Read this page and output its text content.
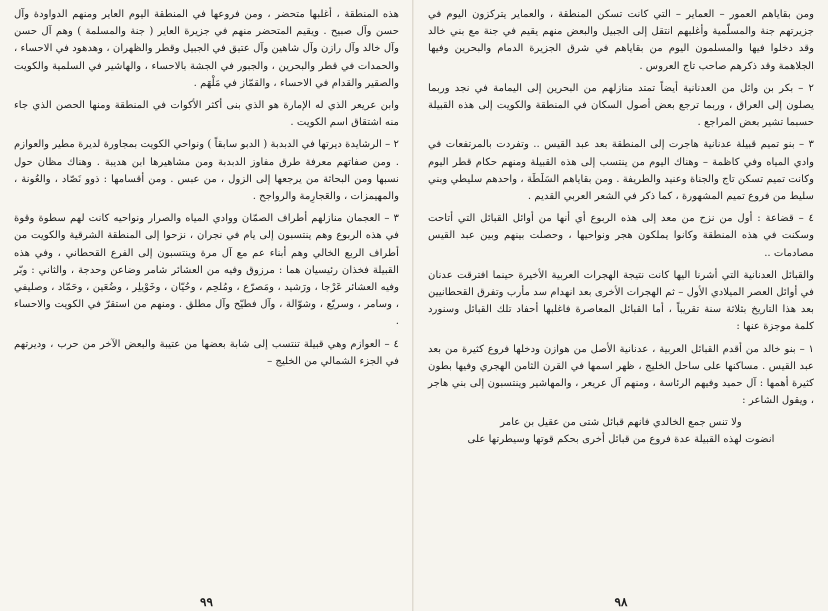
هذه المنطقة ، أغلبها متحضر ، ومن فروعها في المنطقة اليوم العاير ومنهم الدواودة وآل حسن وآل صبيح . ويقيم المتحضر منهم في جزيرة العاير ( جنة والمسلمة ) وهم آل حسن وآل خالد وآل رازن وآل شاهين وآل عتيق في الجبيل وقطر والظهران ، وهدهود في الاحساء ، والحمدات في قطر والبحرين ، والجبور في الجشة بالاحساء ، والهاشير في السلمية والكويت والصقير والقدام في الاحساء ، والقمّاز في مَلْهَم .

وابن عريعر الذي له الإمارة هو الذي بنى أكثر الأكوات في المنطقة ومنها الحصن الذي جاء منه اشتقاق اسم الكويت .

٢ – الرشايدة ديرتها في الدبدبة ( الدبو سابقاً ) ونواحي الكويت بمجاورة لديرة مطير والعوازم . ومن صفاتهم معرفة طرق مفاوز الدبدبة ومن مشاهيرها ابن هديبة . وهناك مظان حول نسبها ومن البحاثة من يرجعها إلى الزول ، من عبس . ومن أقسامها : ذوو نَصّاد ، والعُونة ، والمهيمزات ، والعَجارِمة والرواجح .

٣ – العجمان منازلهم أطراف الصمّان ووادي المياه والصرار ونواحيه كانت لهم سطوة وقوة في هذه الربوع وهم ينتسبون إلى يام في نجران ، نزحوا إلى المنطقة الشرقية والكويت من أطراف الربع الخالي وهم أبناء عم مع آل مرة وينتسبون إلى الفرع القحطاني ، وفي هذه القبيلة فخذان رئيسيان هما : مرزوق وفيه من العشائر شامر وضاعن وحدجة ، والثاني : وبّر وفيه العشائر عَرْجا ، ورَشيد ، ومَصرّع ، ومُلحِم ، وحُيّان ، وخَوْيلِر ، وضُعَين ، وحَمّاد ، وصليفي ، وسامر ، وسريّع ، وشوّالة ، وآل فطيّح وآل مطلق . ومنهم من استقرّ في الكويت والاحساء .

٤ – العوازم وهي قبيلة تنتسب إلى شابة بعضها من عتيبة والبعض الآخر من حرب ، وديرتهم في الجزء الشمالي من الخليج –

٩٩

ومن بقاياهم العمور – العماير – التي كانت تسكن المنطقة ، والعماير يتركزون اليوم في جزيرتهم جنة والمسلّمية وأغلبهم انتقل إلى الجبيل والبعض منهم يقيم في جنة مع بني خالد وقد دخلوا فيها والمسلمون اليوم من بقاياهم في شرق الجزيرة الدمام والبحرين وفيها الجلاهمة وقد ذكرهم صاحب تاج العروس .

٢ – بكر بن وائل من العدنانية أيضاً تمتد منازلهم من البحرين إلى اليمامة في نجد وربما يصلون إلى العراق ، وربما ترجع بعض أصول السكان في المنطقة والكويت إلى هذه القبيلة حسبما تشير بعض المراجع .

٣ – بنو تميم قبيلة عدنانية هاجرت إلى المنطقة بعد عبد القيس .. وتفردت بالمرتفعات في وادي المياه وفي كاظمة – وهناك اليوم من ينتسب إلى هذه القبيلة ومنهم حكام قطر اليوم وكانت تميم تسكن تاج والجناة وعنيد والطريفة . ومن بقاياهم السَلَطَة ، واحدهم سليطي وبني سليط من فروع تميم المشهورة ، كما ذكر في الشعر العربي القديم .

٤ – قضاعة : أول من نزح من معد إلى هذه الربوع أي أنها من أوائل القبائل التي أتاحت وسكنت في هذه المنطقة وكانوا يملكون هجر ونواحيها ، وحصلت بينهم وبين عبد القيس مصادمات ..

والقبائل العدنانية التي أشرنا اليها كانت نتيجة الهجرات العربية الأخيرة حينما افترقت عدنان في أوائل العصر الميلادي الأول – ثم الهجرات الأخرى بعد انهدام سد مأرب وتفرق القحطانيين بعد هذا التاريخ بثلاثة سنة تقريباً ، أما القبائل المعاصرة فاغلبها أحفاد تلك القبائل وسنورد كلمة موجزة عنها :

١ – بنو خالد من أقدم القبائل العربية ، عدنانية الأصل من هوازن ودخلها فروع كثيرة من بعد عبد القيس . مساكنها على ساحل الخليج ، ظهر اسمها في القرن الثامن الهجري وفيها بطون كثيرة أهمها : آل حميد وفيهم الرئاسة ، ومنهم آل عريعر ، والمهاشير وينتسبون إلى بني هاجر ، ويقول الشاعر :

ولا تنس جمع الخالدي فانهم قبائل شتى من عقيل بن عامر

انضوت لهذه القبيلة عدة فروع من قبائل أخرى بحكم قوتها وسيطرتها على

٩٨
